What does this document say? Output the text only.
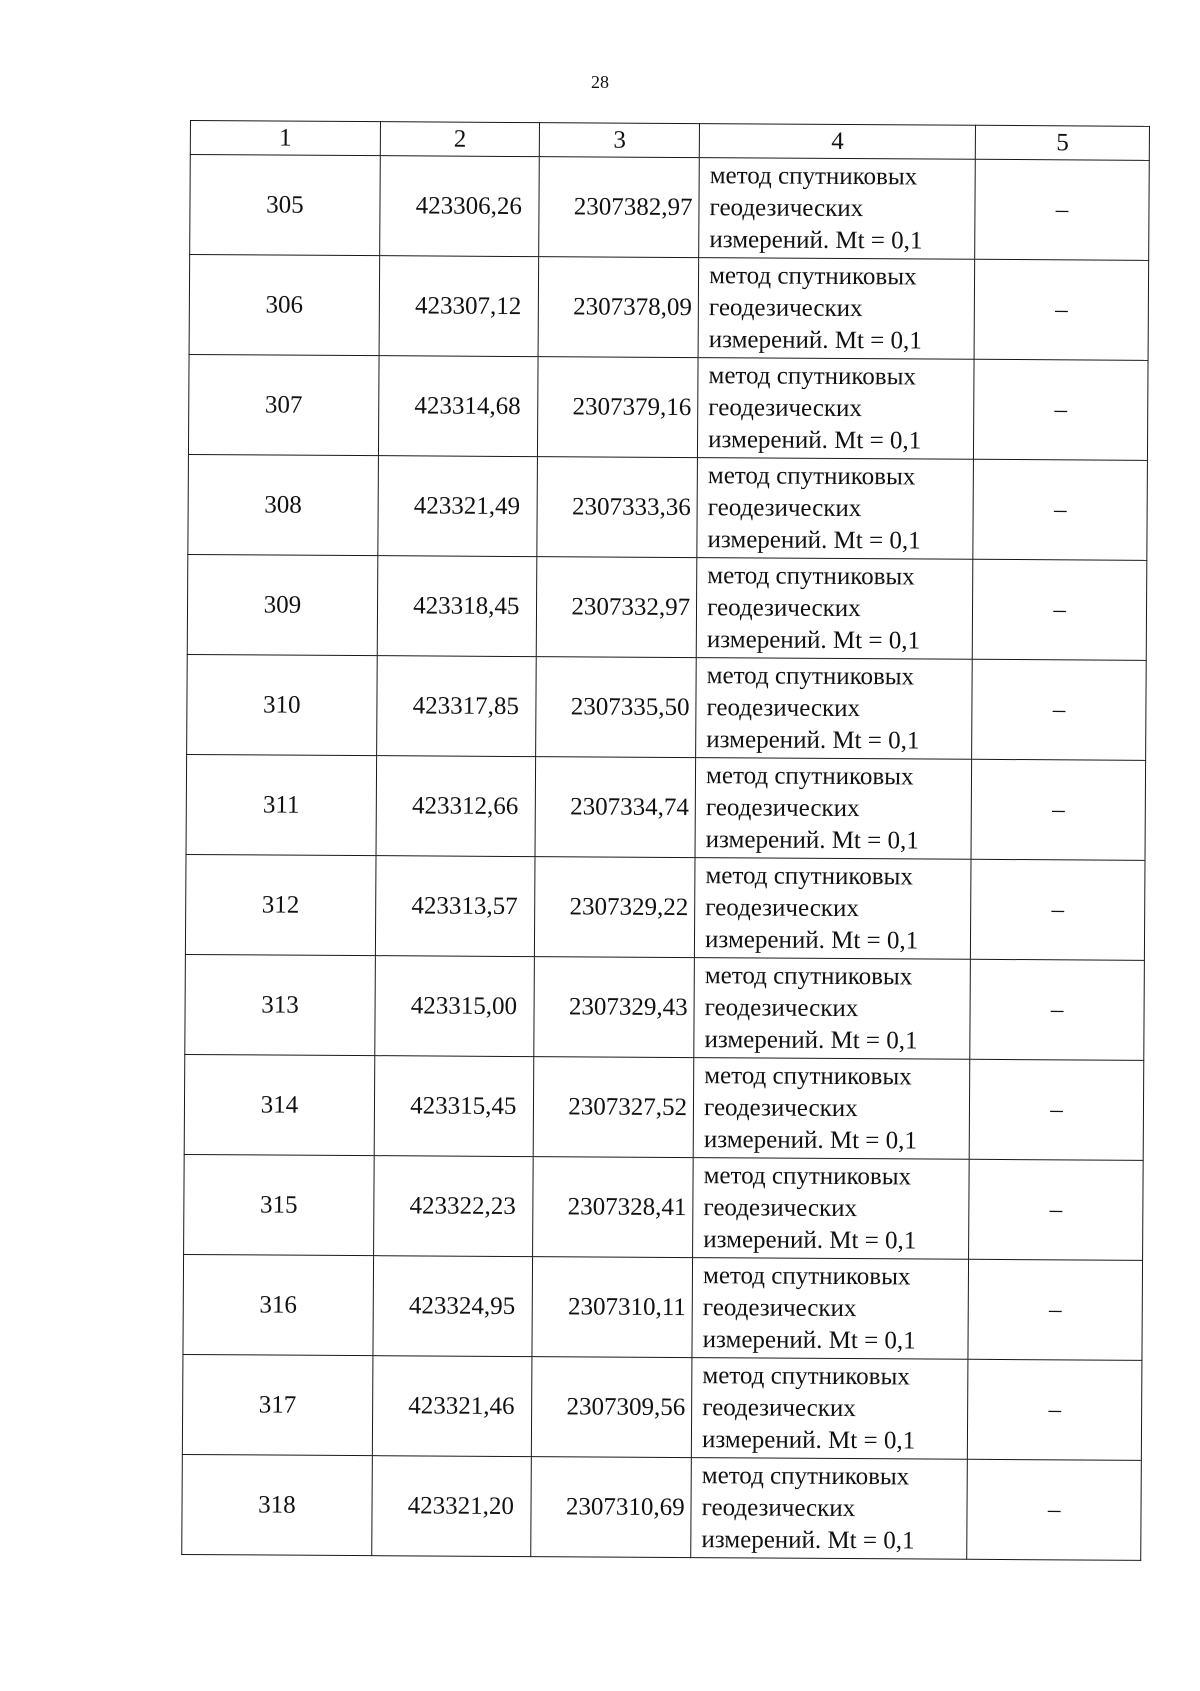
28
1	2	3	4	5
305	423306,26	2307382,97	метод спутниковых
геодезических
измерений. Mt = 0,1	–
306	423307,12	2307378,09	метод спутниковых
геодезических
измерений. Mt = 0,1	–
307	423314,68	2307379,16	метод спутниковых
геодезических
измерений. Mt = 0,1	–
308	423321,49	2307333,36	метод спутниковых
геодезических
измерений. Mt = 0,1	–
309	423318,45	2307332,97	метод спутниковых
геодезических
измерений. Mt = 0,1	–
310	423317,85	2307335,50	метод спутниковых
геодезических
измерений. Mt = 0,1	–
311	423312,66	2307334,74	метод спутниковых
геодезических
измерений. Mt = 0,1	–
312	423313,57	2307329,22	метод спутниковых
геодезических
измерений. Mt = 0,1	–
313	423315,00	2307329,43	метод спутниковых
геодезических
измерений. Mt = 0,1	–
314	423315,45	2307327,52	метод спутниковых
геодезических
измерений. Mt = 0,1	–
315	423322,23	2307328,41	метод спутниковых
геодезических
измерений. Mt = 0,1	–
316	423324,95	2307310,11	метод спутниковых
геодезических
измерений. Mt = 0,1	–
317	423321,46	2307309,56	метод спутниковых
геодезических
измерений. Mt = 0,1	–
318	423321,20	2307310,69	метод спутниковых
геодезических
измерений. Mt = 0,1	–
